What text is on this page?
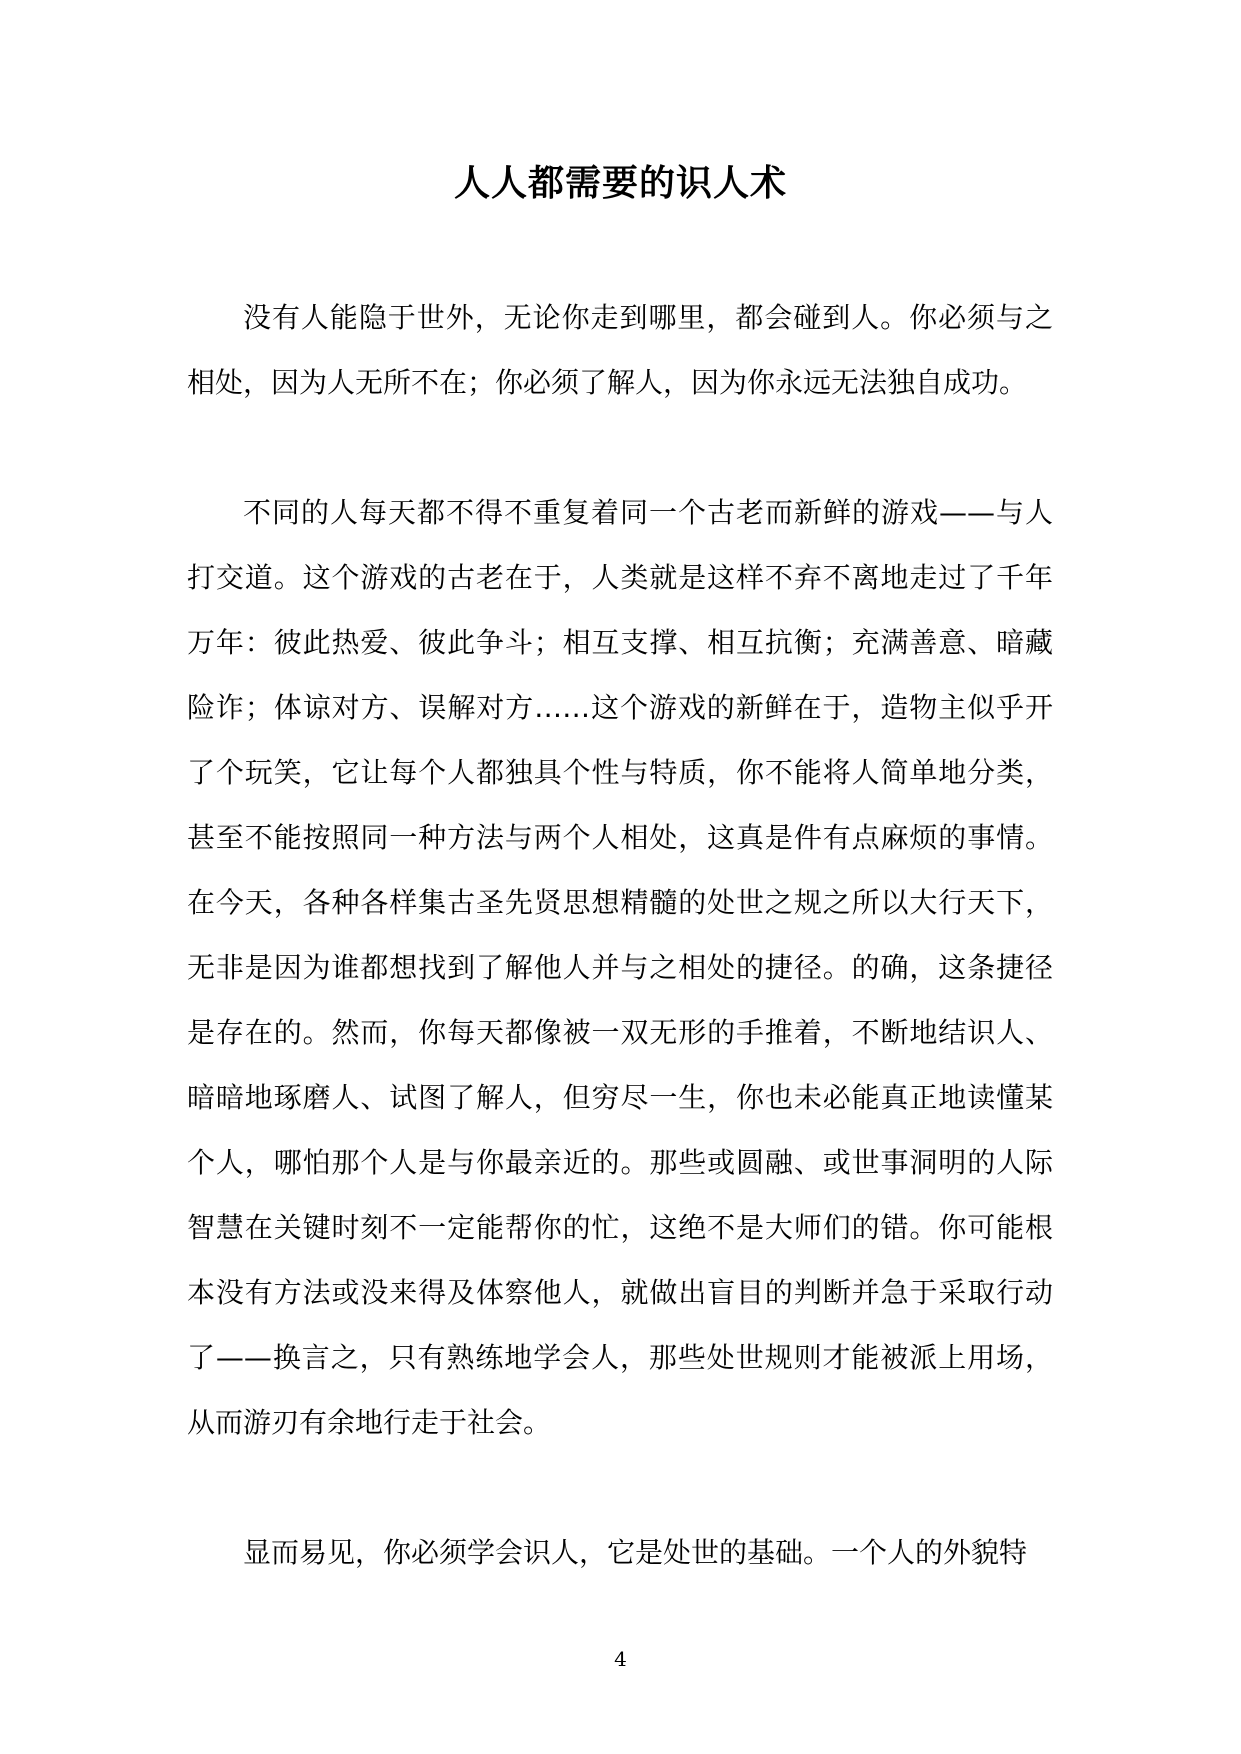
人人都需要的识人术

没有人能隐于世外，无论你走到哪里，都会碰到人。你必须与之相处，因为人无所不在；你必须了解人，因为你永远无法独自成功。

不同的人每天都不得不重复着同一个古老而新鲜的游戏——与人打交道。这个游戏的古老在于，人类就是这样不弃不离地走过了千年万年：彼此热爱、彼此争斗；相互支撑、相互抗衡；充满善意、暗藏险诈；体谅对方、误解对方……这个游戏的新鲜在于，造物主似乎开了个玩笑，它让每个人都独具个性与特质，你不能将人简单地分类，甚至不能按照同一种方法与两个人相处，这真是件有点麻烦的事情。在今天，各种各样集古圣先贤思想精髓的处世之规之所以大行天下，无非是因为谁都想找到了解他人并与之相处的捷径。的确，这条捷径是存在的。然而，你每天都像被一双无形的手推着，不断地结识人、暗暗地琢磨人、试图了解人，但穷尽一生，你也未必能真正地读懂某个人，哪怕那个人是与你最亲近的。那些或圆融、或世事洞明的人际智慧在关键时刻不一定能帮你的忙，这绝不是大师们的错。你可能根本没有方法或没来得及体察他人，就做出盲目的判断并急于采取行动了——换言之，只有熟练地学会人，那些处世规则才能被派上用场，从而游刃有余地行走于社会。

显而易见，你必须学会识人，它是处世的基础。一个人的外貌特

4
